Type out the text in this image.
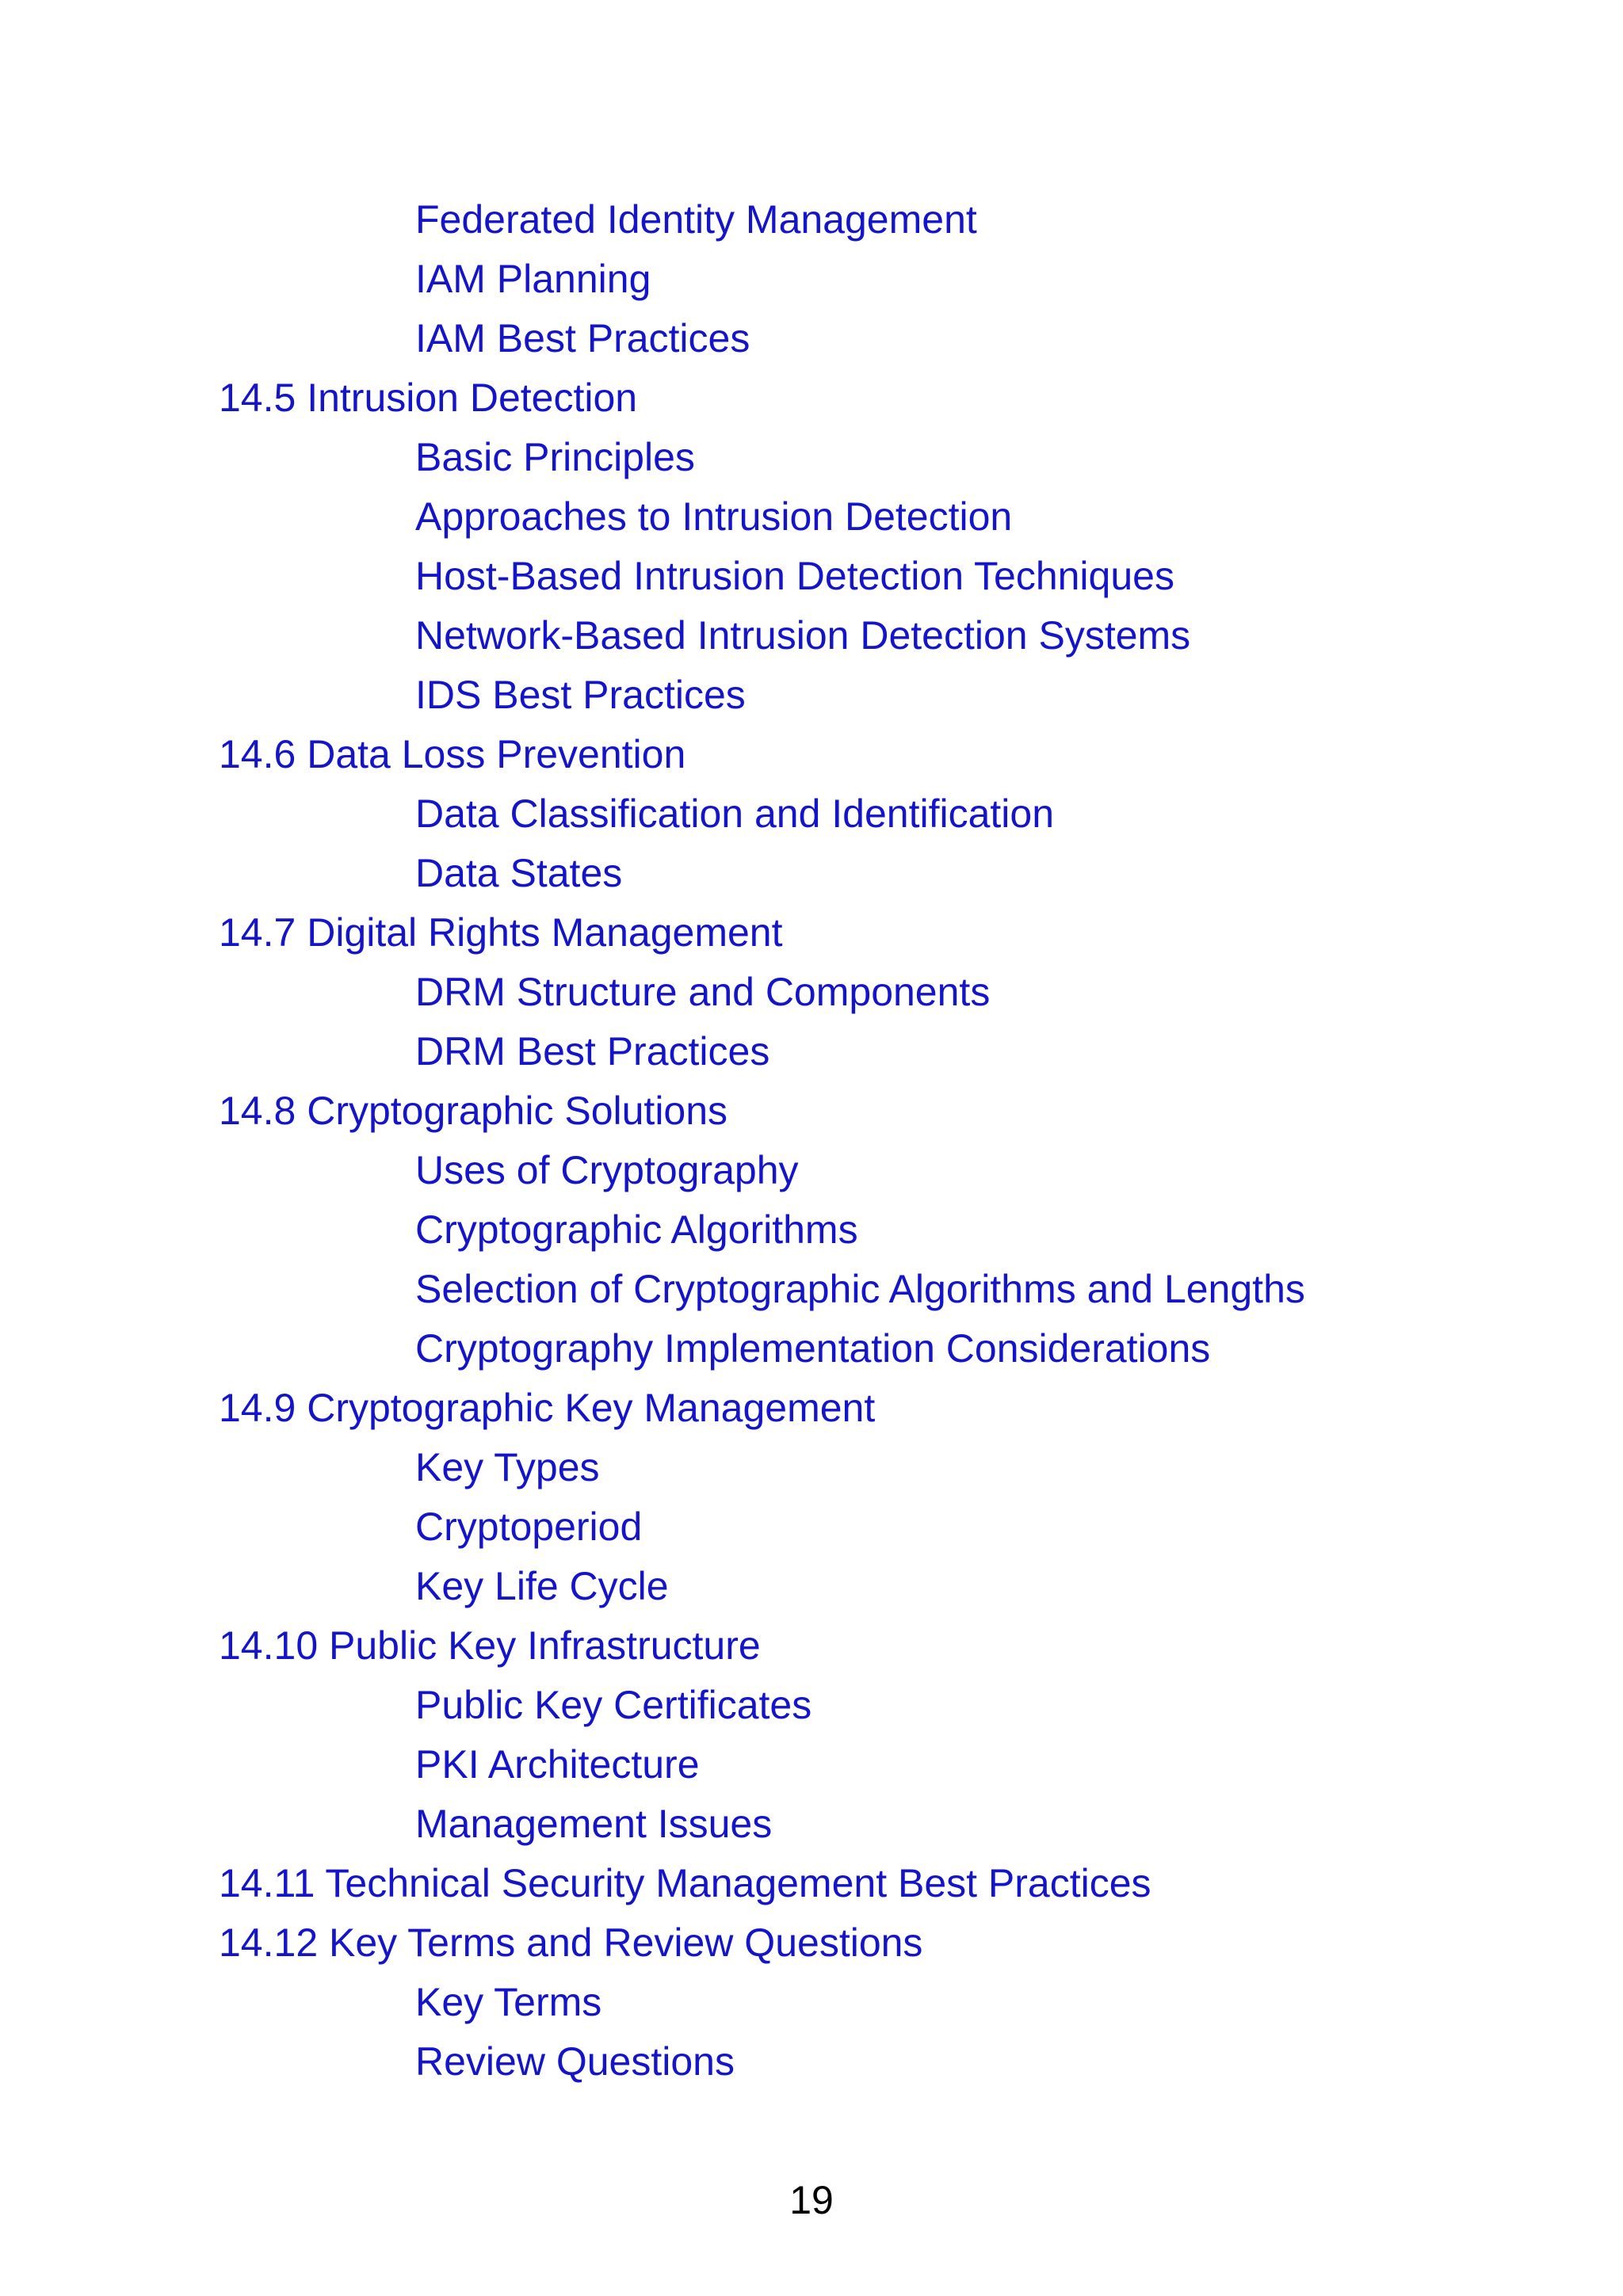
Federated Identity Management
IAM Planning
IAM Best Practices
14.5 Intrusion Detection
Basic Principles
Approaches to Intrusion Detection
Host-Based Intrusion Detection Techniques
Network-Based Intrusion Detection Systems
IDS Best Practices
14.6 Data Loss Prevention
Data Classification and Identification
Data States
14.7 Digital Rights Management
DRM Structure and Components
DRM Best Practices
14.8 Cryptographic Solutions
Uses of Cryptography
Cryptographic Algorithms
Selection of Cryptographic Algorithms and Lengths
Cryptography Implementation Considerations
14.9 Cryptographic Key Management
Key Types
Cryptoperiod
Key Life Cycle
14.10 Public Key Infrastructure
Public Key Certificates
PKI Architecture
Management Issues
14.11 Technical Security Management Best Practices
14.12 Key Terms and Review Questions
Key Terms
Review Questions
19
